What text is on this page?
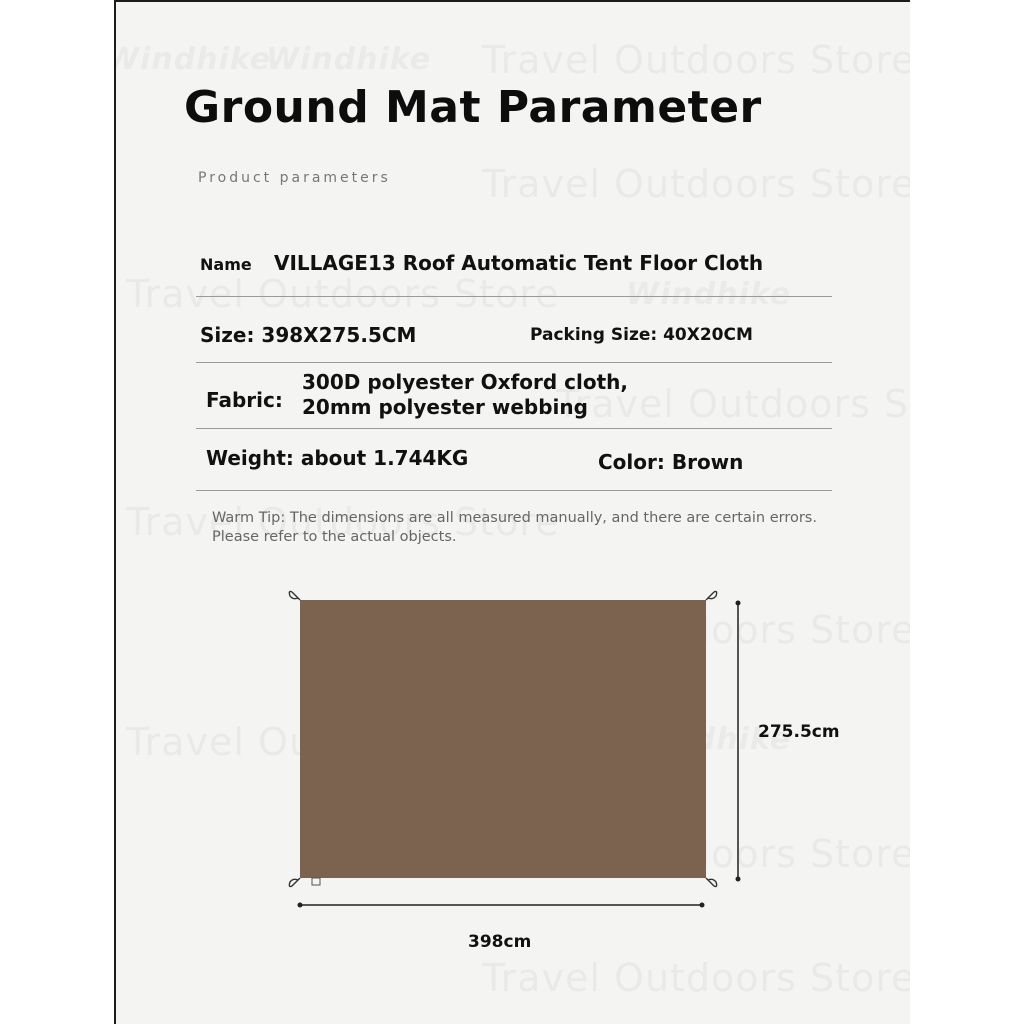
Ground Mat Parameter
Product parameters
Name VILLAGE13 Roof Automatic Tent Floor Cloth
Size: 398X275.5CM	Packing Size: 40X20CM
Fabric:
300D polyester Oxford cloth,
20mm polyester webbing
Weight: about 1.744KG	Color: Brown
Warm Tip: The dimensions are all measured manually, and there are certain errors.
Please refer to the actual objects.
275.5cm
398cm
